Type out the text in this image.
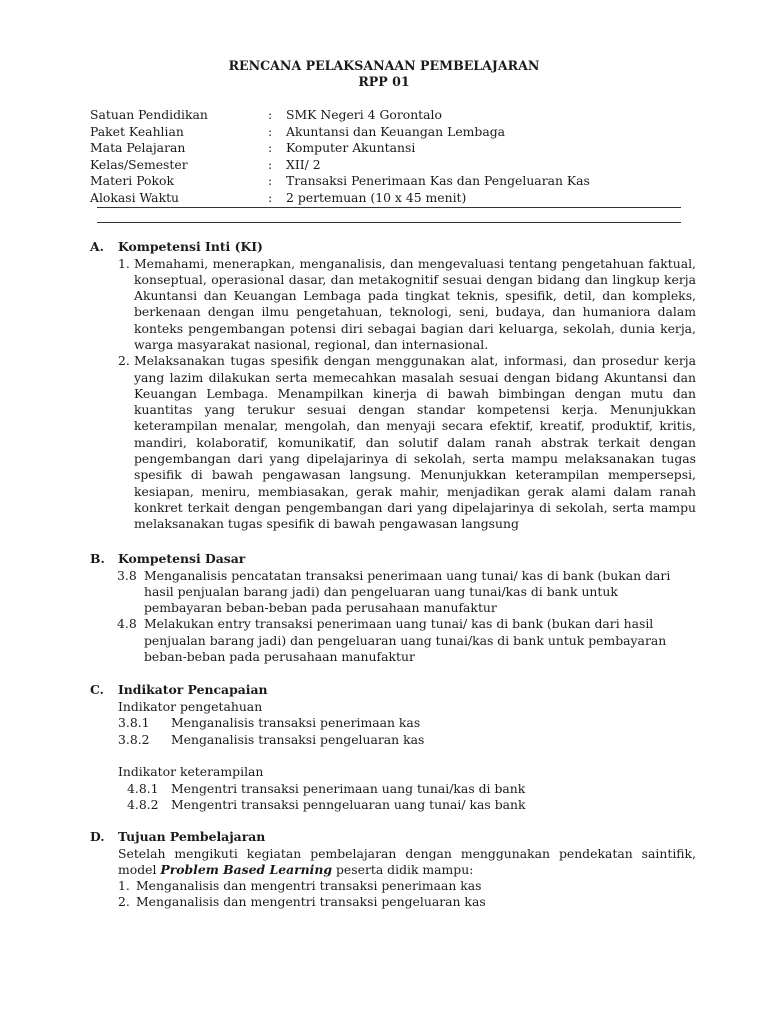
RENCANA PELAKSANAAN PEMBELAJARAN
RPP 01
Satuan Pendidikan	: SMK Negeri 4 Gorontalo
Paket Keahlian	: Akuntansi dan Keuangan Lembaga
Mata Pelajaran	: Komputer Akuntansi
Kelas/Semester	: XII/ 2
Materi Pokok	: Transaksi Penerimaan Kas dan Pengeluaran Kas
Alokasi Waktu	: 2 pertemuan (10 x 45 menit)
A. Kompetensi Inti (KI)
1. Memahami, menerapkan, menganalisis, dan mengevaluasi tentang pengetahuan faktual, konseptual, operasional dasar, dan metakognitif sesuai dengan bidang dan lingkup kerja Akuntansi dan Keuangan Lembaga pada tingkat teknis, spesifik, detil, dan kompleks, berkenaan dengan ilmu pengetahuan, teknologi, seni, budaya, dan humaniora dalam konteks pengembangan potensi diri sebagai bagian dari keluarga, sekolah, dunia kerja, warga masyarakat nasional, regional, dan internasional.
2. Melaksanakan tugas spesifik dengan menggunakan alat, informasi, dan prosedur kerja yang lazim dilakukan serta memecahkan masalah sesuai dengan bidang Akuntansi dan Keuangan Lembaga. Menampilkan kinerja di bawah bimbingan dengan mutu dan kuantitas yang terukur sesuai dengan standar kompetensi kerja. Menunjukkan keterampilan menalar, mengolah, dan menyaji secara efektif, kreatif, produktif, kritis, mandiri, kolaboratif, komunikatif, dan solutif dalam ranah abstrak terkait dengan pengembangan dari yang dipelajarinya di sekolah, serta mampu melaksanakan tugas spesifik di bawah pengawasan langsung. Menunjukkan keterampilan mempersepsi, kesiapan, meniru, membiasakan, gerak mahir, menjadikan gerak alami dalam ranah konkret terkait dengan pengembangan dari yang dipelajarinya di sekolah, serta mampu melaksanakan tugas spesifik di bawah pengawasan langsung
B. Kompetensi Dasar
3.8 Menganalisis pencatatan transaksi penerimaan uang tunai/ kas di bank (bukan dari hasil penjualan barang jadi) dan pengeluaran uang tunai/kas di bank untuk pembayaran beban-beban pada perusahaan manufaktur
4.8 Melakukan entry transaksi penerimaan uang tunai/ kas di bank (bukan dari hasil penjualan barang jadi) dan pengeluaran uang tunai/kas di bank untuk pembayaran beban-beban pada perusahaan manufaktur
C. Indikator Pencapaian
Indikator pengetahuan
3.8.1 Menganalisis transaksi penerimaan kas
3.8.2 Menganalisis transaksi pengeluaran kas
Indikator keterampilan
4.8.1 Mengentri transaksi penerimaan uang tunai/kas di bank
4.8.2 Mengentri transaksi penngeluaran uang tunai/ kas bank
D. Tujuan Pembelajaran
Setelah mengikuti kegiatan pembelajaran dengan menggunakan pendekatan saintifik,
model Problem Based Learning peserta didik mampu:
1. Menganalisis dan mengentri transaksi penerimaan kas
2. Menganalisis dan mengentri transaksi pengeluaran kas
